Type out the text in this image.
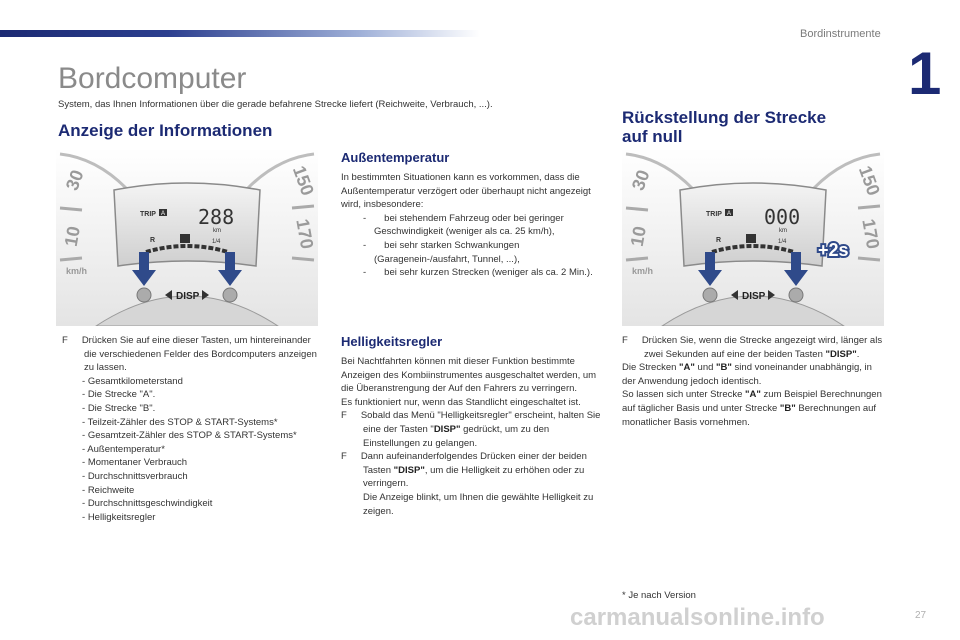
Bordinstrumente
1
Bordcomputer
System, das Ihnen Informationen über die gerade befahrene Strecke liefert (Reichweite, Verbrauch, ...).
Anzeige der Informationen
Rückstellung der Strecke
auf null
30	150
10	170
km/h
TRIP A 288
km
R	1/4
DISP
Außentemperatur

In bestimmten Situationen kann es vorkommen, dass die Außentemperatur verzögert oder überhaupt nicht angezeigt wird, insbesondere:

- bei stehendem Fahrzeug oder bei geringer Geschwindigkeit (weniger als ca. 25 km/h),

- bei sehr starken Schwankungen (Garagenein-/ausfahrt, Tunnel, ...),

- bei sehr kurzen Strecken (weniger als ca. 2 Min.).

Helligkeitsregler

Bei Nachtfahrten können mit dieser Funktion bestimmte Anzeigen des Kombiinstrumentes ausgeschaltet werden, um die Überanstrengung der Auf den Fahrers zu verringern.

Es funktioniert nur, wenn das Standlicht eingeschaltet ist.

F Sobald das Menü "Helligkeitsregler" erscheint, halten Sie eine der Tasten "DISP" gedrückt, um zu den Einstellungen zu gelangen.

F Dann aufeinanderfolgendes Drücken einer der beiden Tasten "DISP", um die Helligkeit zu erhöhen oder zu verringern.

Die Anzeige blinkt, um Ihnen die gewählte Helligkeit zu zeigen.

F Drücken Sie auf eine dieser Tasten, um hintereinander die verschiedenen Felder des Bordcomputers anzeigen zu lassen.

- Gesamtkilometerstand

- Die Strecke "A".

- Die Strecke "B".

- Teilzeit-Zähler des STOP & START-Systems*

- Gesamtzeit-Zähler des STOP & START-Systems*

- Außentemperatur*

- Momentaner Verbrauch

- Durchschnittsverbrauch

- Reichweite

- Durchschnittsgeschwindigkeit

- Helligkeitsregler

30	150
10	170
km/h
TRIP A 000
km
R	1/4
DISP
+2s

F Drücken Sie, wenn die Strecke angezeigt wird, länger als zwei Sekunden auf eine der beiden Tasten "DISP".

Die Strecken "A" und "B" sind voneinander unabhängig, in der Anwendung jedoch identisch.

So lassen sich unter Strecke "A" zum Beispiel Berechnungen auf täglicher Basis und unter Strecke "B" Berechnungen auf monatlicher Basis vornehmen.

* Je nach Version
carmanualsonline.info	27
